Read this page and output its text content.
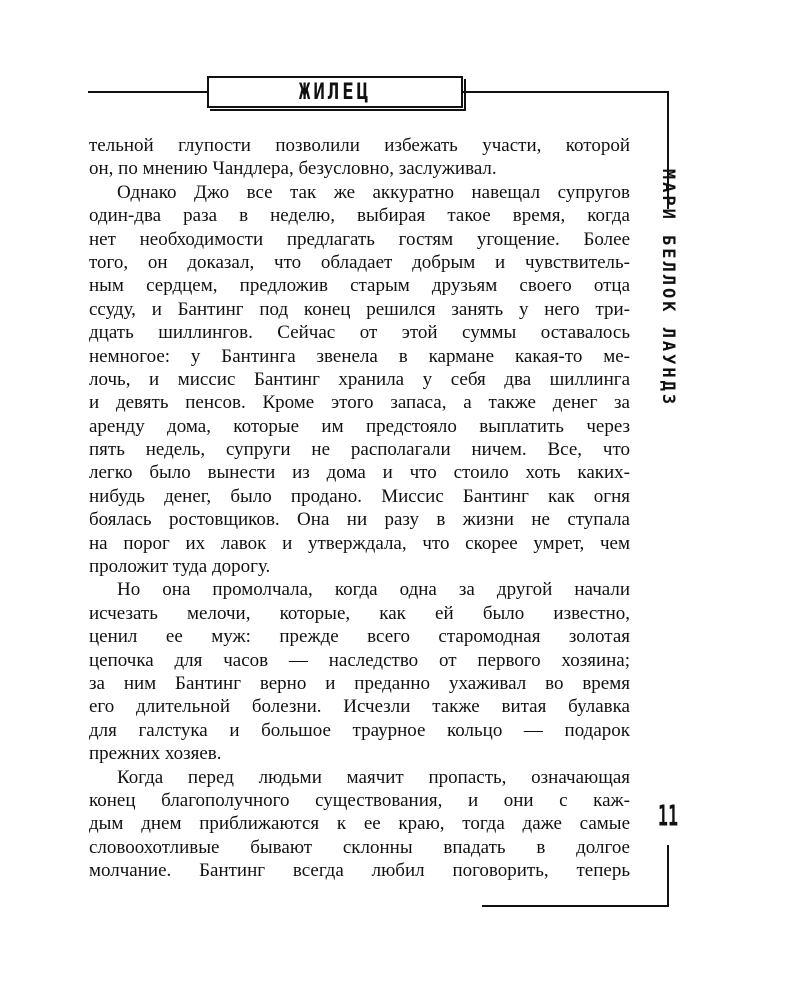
ЖИЛЕЦ
МАРИ БЕЛЛОК ЛАУНДЗ
11
тельной глупости позволили избежать участи, которой
он, по мнению Чандлера, безусловно, заслуживал.
Однако Джо все так же аккуратно навещал супругов
один-два раза в неделю, выбирая такое время, когда
нет необходимости предлагать гостям угощение. Более
того, он доказал, что обладает добрым и чувствитель-
ным сердцем, предложив старым друзьям своего отца
ссуду, и Бантинг под конец решился занять у него три-
дцать шиллингов. Сейчас от этой суммы оставалось
немногое: у Бантинга звенела в кармане какая-то ме-
лочь, и миссис Бантинг хранила у себя два шиллинга
и девять пенсов. Кроме этого запаса, а также денег за
аренду дома, которые им предстояло выплатить через
пять недель, супруги не располагали ничем. Все, что
легко было вынести из дома и что стоило хоть каких-
нибудь денег, было продано. Миссис Бантинг как огня
боялась ростовщиков. Она ни разу в жизни не ступала
на порог их лавок и утверждала, что скорее умрет, чем
проложит туда дорогу.
Но она промолчала, когда одна за другой начали
исчезать мелочи, которые, как ей было известно,
ценил ее муж: прежде всего старомодная золотая
цепочка для часов — наследство от первого хозяина;
за ним Бантинг верно и преданно ухаживал во время
его длительной болезни. Исчезли также витая булавка
для галстука и большое траурное кольцо — подарок
прежних хозяев.
Когда перед людьми маячит пропасть, означающая
конец благополучного существования, и они с каж-
дым днем приближаются к ее краю, тогда даже самые
словоохотливые бывают склонны впадать в долгое
молчание. Бантинг всегда любил поговорить, теперь
